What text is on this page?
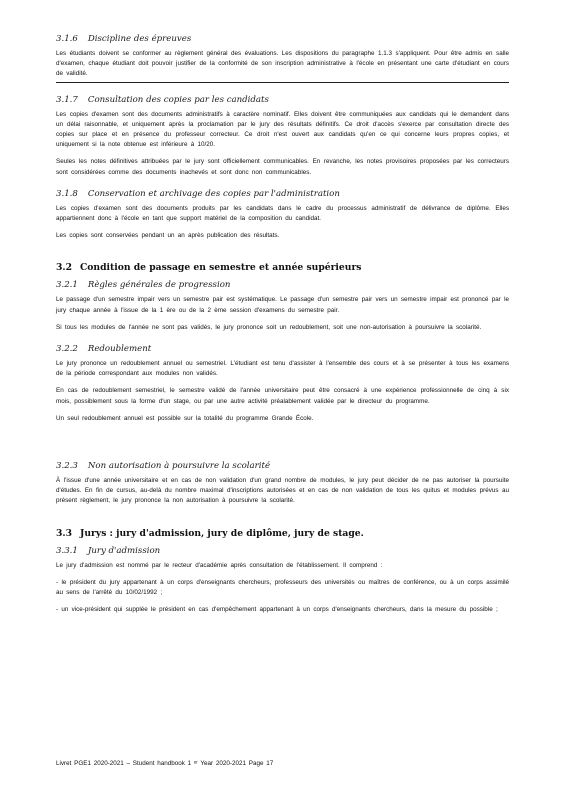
3.1.6 Discipline des épreuves
Les étudiants doivent se conformer au règlement général des évaluations. Les dispositions du paragraphe 1.1.3 s'appliquent. Pour être admis en salle d'examen, chaque étudiant doit pouvoir justifier de la conformité de son inscription administrative à l'école en présentant une carte d'étudiant en cours de validité.
3.1.7 Consultation des copies par les candidats
Les copies d'examen sont des documents administratifs à caractère nominatif. Elles doivent être communiquées aux candidats qui le demandent dans un délai raisonnable, et uniquement après la proclamation par le jury des résultats définitifs. Ce droit d'accès s'exerce par consultation directe des copies sur place et en présence du professeur correcteur. Ce droit n'est ouvert aux candidats qu'en ce qui concerne leurs propres copies, et uniquement si la note obtenue est inférieure à 10/20.
Seules les notes définitives attribuées par le jury sont officiellement communicables. En revanche, les notes provisoires proposées par les correcteurs sont considérées comme des documents inachevés et sont donc non communicables.
3.1.8 Conservation et archivage des copies par l'administration
Les copies d'examen sont des documents produits par les candidats dans le cadre du processus administratif de délivrance de diplôme. Elles appartiennent donc à l'école en tant que support matériel de la composition du candidat.
Les copies sont conservées pendant un an après publication des résultats.
3.2 Condition de passage en semestre et année supérieurs
3.2.1 Règles générales de progression
Le passage d'un semestre impair vers un semestre pair est systématique. Le passage d'un semestre pair vers un semestre impair est prononcé par le jury chaque année à l'issue de la 1 ère ou de la 2 ème session d'examens du semestre pair.
Si tous les modules de l'année ne sont pas validés, le jury prononce soit un redoublement, soit une non-autorisation à poursuivre la scolarité.
3.2.2 Redoublement
Le jury prononce un redoublement annuel ou semestriel. L'étudiant est tenu d'assister à l'ensemble des cours et à se présenter à tous les examens de la période correspondant aux modules non validés.
En cas de redoublement semestriel, le semestre validé de l'année universitaire peut être consacré à une expérience professionnelle de cinq à six mois, possiblement sous la forme d'un stage, ou par une autre activité préalablement validée par le directeur du programme.
Un seul redoublement annuel est possible sur la totalité du programme Grande École.
3.2.3 Non autorisation à poursuivre la scolarité
À l'issue d'une année universitaire et en cas de non validation d'un grand nombre de modules, le jury peut décider de ne pas autoriser la poursuite d'études. En fin de cursus, au-delà du nombre maximal d'inscriptions autorisées et en cas de non validation de tous les quitus et modules prévus au présent règlement, le jury prononce la non autorisation à poursuivre la scolarité.
3.3 Jurys : jury d'admission, jury de diplôme, jury de stage.
3.3.1 Jury d'admission
Le jury d'admission est nommé par le recteur d'académie après consultation de l'établissement. Il comprend :
- le président du jury appartenant à un corps d'enseignants chercheurs, professeurs des universités ou maîtres de conférence, ou à un corps assimilé au sens de l'arrêté du 10/02/1992 ;
- un vice-président qui supplée le président en cas d'empêchement appartenant à un corps d'enseignants chercheurs, dans la mesure du possible ;
Livret PGE1 2020-2021 – Student handbook 1 ᵉʳ Year 2020-2021 Page 17
